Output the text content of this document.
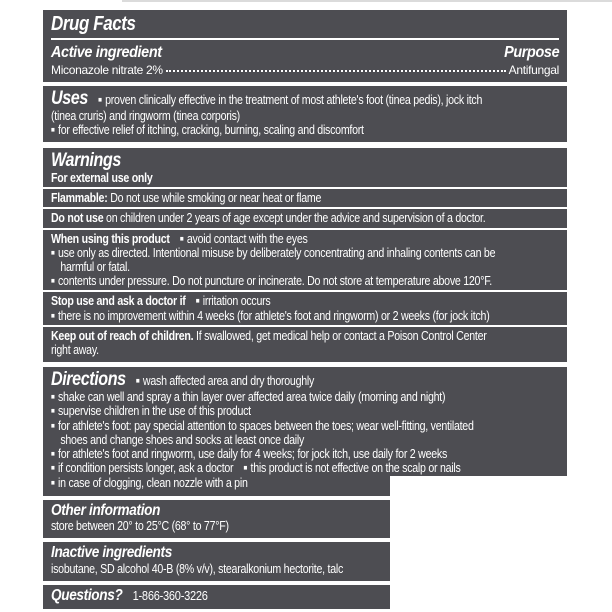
Drug Facts
Active ingredient	Purpose
Miconazole nitrate 2%	Antifungal
Uses ■ proven clinically effective in the treatment of most athlete's foot (tinea pedis), jock itch
(tinea cruris) and ringworm (tinea corporis)
■ for effective relief of itching, cracking, burning, scaling and discomfort
Warnings
For external use only
Flammable: Do not use while smoking or near heat or flame
Do not use on children under 2 years of age except under the advice and supervision of a doctor.
When using this product ■ avoid contact with the eyes
■ use only as directed. Intentional misuse by deliberately concentrating and inhaling contents can be
harmful or fatal.
■ contents under pressure. Do not puncture or incinerate. Do not store at temperature above 120°F.
Stop use and ask a doctor if ■ irritation occurs
■ there is no improvement within 4 weeks (for athlete's foot and ringworm) or 2 weeks (for jock itch)
Keep out of reach of children. If swallowed, get medical help or contact a Poison Control Center
right away.
Directions ■ wash affected area and dry thoroughly
■ shake can well and spray a thin layer over affected area twice daily (morning and night)
■ supervise children in the use of this product
■ for athlete's foot: pay special attention to spaces between the toes; wear well-fitting, ventilated
shoes and change shoes and socks at least once daily
■ for athlete's foot and ringworm, use daily for 4 weeks; for jock itch, use daily for 2 weeks
■ if condition persists longer, ask a doctor ■ this product is not effective on the scalp or nails
■ in case of clogging, clean nozzle with a pin
Other information
store between 20° to 25°C (68° to 77°F)
Inactive ingredients
isobutane, SD alcohol 40-B (8% v/v), stearalkonium hectorite, talc
Questions? 1-866-360-3226
